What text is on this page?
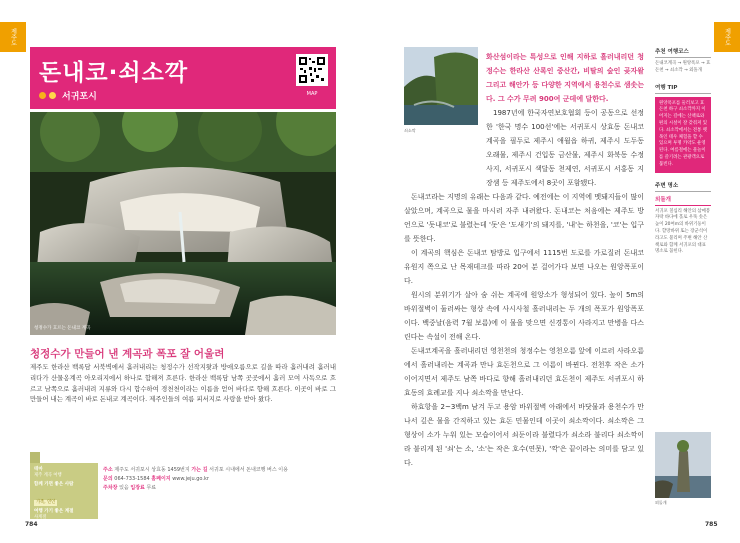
제주도
돈내코·쇠소깍
서귀포시	MAP
청정수가 흐르는 돈내코 계곡
청정수가 만들어 낸 계곡과 폭포 잘 어울려
제주도 한라산 백록담 서북벽에서 흘러내리는 청정수가 선작지왓과 방애오름으로 길을 따라 흘러내려 흘러내리다가 산물옹계곡 아오리지에서 하나로 합해져 흐른다. 한라산 백록담 남쪽 곳곳에서 흘러 모여 사독으로 흐르고 남쪽으로 흘러내려 지류와 다시 합수하여 경천천이라는 이름을 얻어 바다로 향해 흐른다. 이곳이 바로 그 만들어 내는 계곡이 바로 돈내코 계곡이다. 제주인들의 여름 피서지로 사랑을 받아 왔다.
테마
제주 계곡 여행
함께 가면 좋은 사람
가족, 연인
여행 가기 좋은 계절
사계절
주소 제주도 서귀포시 상효동 1459번지 가는 길 서귀포 시내에서 돈내코행 버스 이용
문의 064-733-1584 홈페이지 www.jeju.go.kr
주차장 있음 입장료 무료
784
쇠소깍

화산섬이라는 특성으로 인해 지하로 흘러내리던 청정수는 한라산 산록인 중산간, 비탈의 숲인 곶자왈 그리고 해안가 등 다양한 지역에서 용천수로 샘솟는다. 그 수가 무려 900여 군데에 달한다.

1987년에 한국자연보호협회 등이 공동으로 선정한 '한국 명수 100선'에는 서귀포시 상효동 돈내코계곡을 필두로 제주시 애월읍 하귀, 제주시 도두동 오래물, 제주시 건입동 금산물, 제주시 화북동 수정사지, 서귀포시 색달동 천제연, 서귀포시 서홍동 지장샘 등 제주도에서 8곳이 포함됐다.

돈내코라는 지명의 유래는 다음과 같다. 예전에는 이 지역에 멧돼지들이 많이 살았으며, 계곡으로 물을 마시러 자주 내려왔다. 돈내코는 처음에는 제주도 방언으로 '돗내코'로 불렸는데 '돗'은 '도새기'의 돼지를, '내'는 하천을, '코'는 입구를 뜻한다.

이 계곡의 핵심은 돈내코 탐방로 입구에서 1115번 도로를 가로질러 돈내코유원지 쪽으로 난 목재데크를 따라 20여 분 걸어가다 보면 나오는 원앙폭포이다.

원시의 분위기가 살아 숨 쉬는 계곡에 원앙소가 형성되어 있다. 높이 5m의 바위절벽이 둘러싸는 형상 속에 사시사철 흘러내리는 두 개의 폭포가 원앙폭포이다. 백중날(음력 7월 보름)에 이 물을 맞으면 신경통이 사라지고 만병을 다스린다는 속설이 전해 온다.

돈내코계곡을 흘러내리던 영천천의 청정수는 영천오름 앞에 이르러 사라오름에서 흘러내리는 계곡과 만나 효돈천으로 그 이름이 바뀐다. 전천후 작은 소가 이어지면서 제주도 남쪽 바다로 향해 흘러내리던 효돈천이 제주도 서귀포시 하효동의 효례교를 지나 쇠소깍을 만난다.

하효항을 2~3백m 남겨 두고 용암 바위절벽 아래에서 바닷물과 용천수가 만나서 깊은 물을 간직하고 있는 효돈 민물인데 이곳이 쇠소깍이다. 쇠소깍은 그 형상이 소가 누워 있는 모습이어서 쇠둔이라 불렸다가 쇠소라 불리다 쇠소깍이라 불리게 된 '쇠'는 소, '소'는 작은 호수(연못), '깍'은 끝이라는 의미를 담고 있다.

추천 여행코스
돈내코계곡 → 원앙폭포 → 효돈천 → 쇠소깍 → 외돌개
여행 TIP
원앙폭포를 둘러보고 효돈천 하구 쇠소깍까지 이어지는 길에는 산책로와 편의 시설이 잘 갖춰져 있다. 쇠소깍에서는 전통 뗏목인 테우 체험을 할 수 있으며 투명 카약도 운영된다. 여름철에는 물놀이를 즐기려는 관광객으로 붐빈다.
주변 명소
외돌개
서귀포 칠십리 해안의 삼매봉 자락 바다에 홀로 우뚝 솟은 높이 20여m의 바위기둥이다. 할망바위 또는 장군석이라고도 불리며 주변 해안 산책로와 함께 서귀포의 대표 명소로 꼽힌다.
외돌개
제주도
785
